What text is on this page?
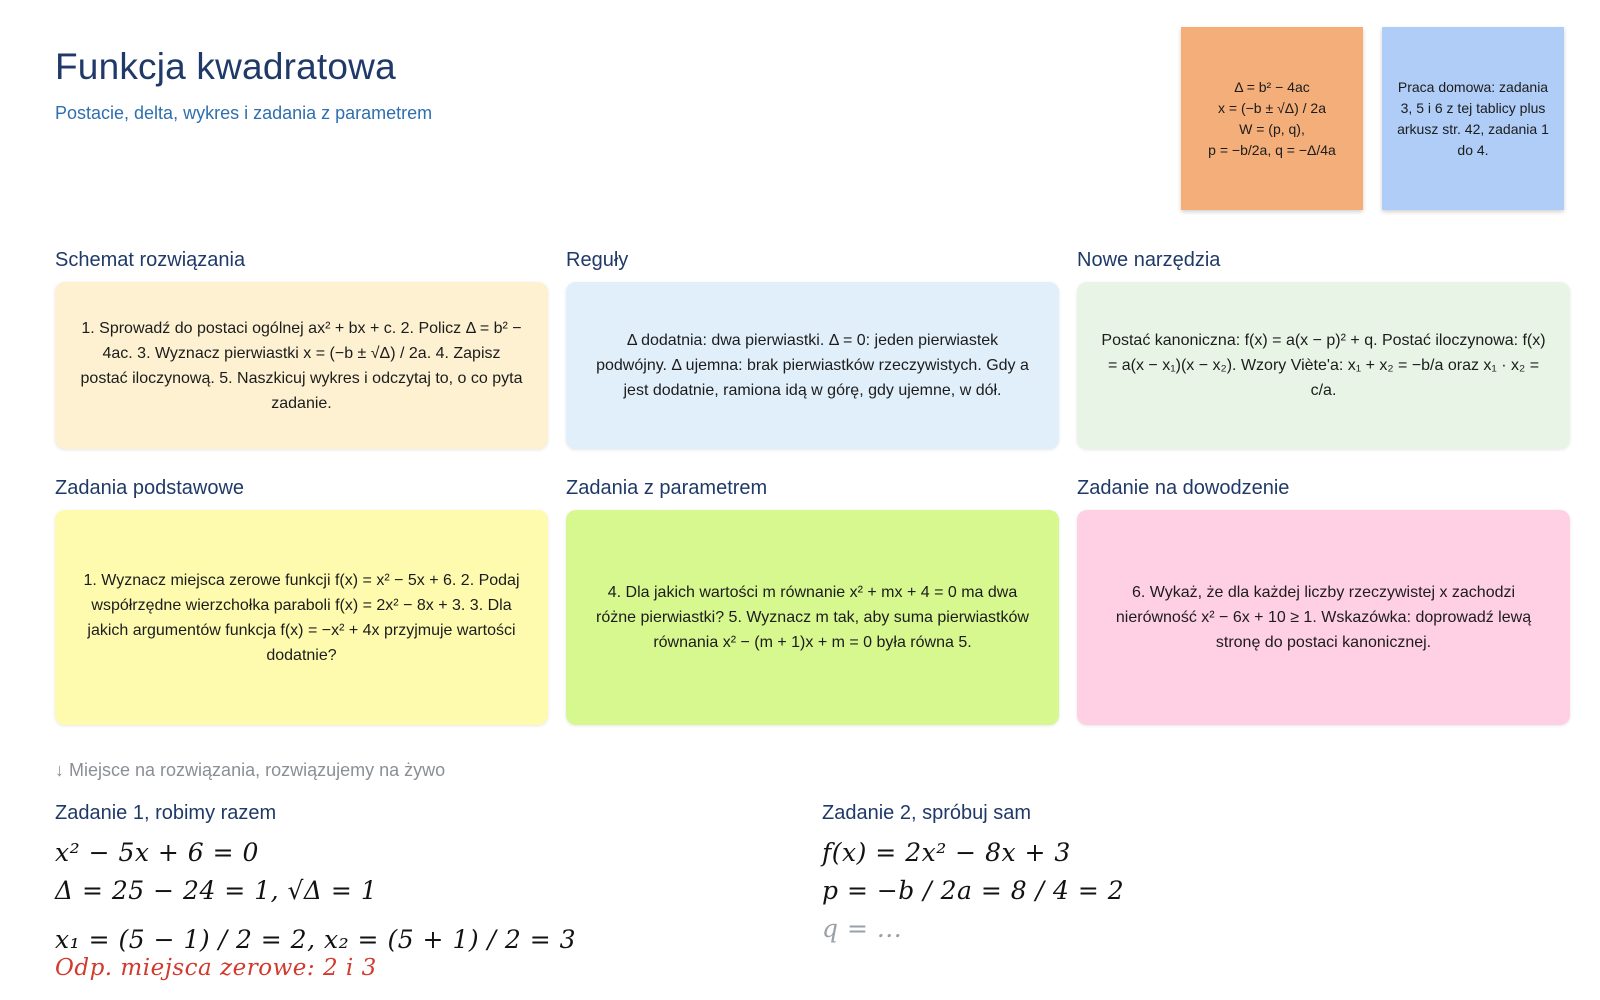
Funkcja kwadratowa
Postacie, delta, wykres i zadania z parametrem
Δ = b² − 4ac
x = (−b ± √Δ) / 2a
W = (p, q),
p = −b/2a, q = −Δ/4a
Praca domowa: zadania 3, 5 i 6 z tej tablicy plus arkusz str. 42, zadania 1 do 4.
Schemat rozwiązania
1. Sprowadź do postaci ogólnej ax² + bx + c. 2. Policz Δ = b² − 4ac. 3. Wyznacz pierwiastki x = (−b ± √Δ) / 2a. 4. Zapisz postać iloczynową. 5. Naszkicuj wykres i odczytaj to, o co pyta zadanie.
Reguły
Δ dodatnia: dwa pierwiastki. Δ = 0: jeden pierwiastek podwójny. Δ ujemna: brak pierwiastków rzeczywistych. Gdy a jest dodatnie, ramiona idą w górę, gdy ujemne, w dół.
Nowe narzędzia
Postać kanoniczna: f(x) = a(x − p)² + q. Postać iloczynowa: f(x) = a(x − x₁)(x − x₂). Wzory Viète'a: x₁ + x₂ = −b/a oraz x₁ · x₂ = c/a.
Zadania podstawowe
1. Wyznacz miejsca zerowe funkcji f(x) = x² − 5x + 6. 2. Podaj współrzędne wierzchołka paraboli f(x) = 2x² − 8x + 3. 3. Dla jakich argumentów funkcja f(x) = −x² + 4x przyjmuje wartości dodatnie?
Zadania z parametrem
4. Dla jakich wartości m równanie x² + mx + 4 = 0 ma dwa różne pierwiastki? 5. Wyznacz m tak, aby suma pierwiastków równania x² − (m + 1)x + m = 0 była równa 5.
Zadanie na dowodzenie
6. Wykaż, że dla każdej liczby rzeczywistej x zachodzi nierówność x² − 6x + 10 ≥ 1. Wskazówka: doprowadź lewą stronę do postaci kanonicznej.
↓ Miejsce na rozwiązania, rozwiązujemy na żywo
Zadanie 1, robimy razem
x² − 5x + 6 = 0
Δ = 25 − 24 = 1, √Δ = 1
x₁ = (5 − 1) / 2 = 2, x₂ = (5 + 1) / 2 = 3
Odp. miejsca zerowe: 2 i 3
Zadanie 2, spróbuj sam
f(x) = 2x² − 8x + 3
p = −b / 2a = 8 / 4 = 2
q = ...
